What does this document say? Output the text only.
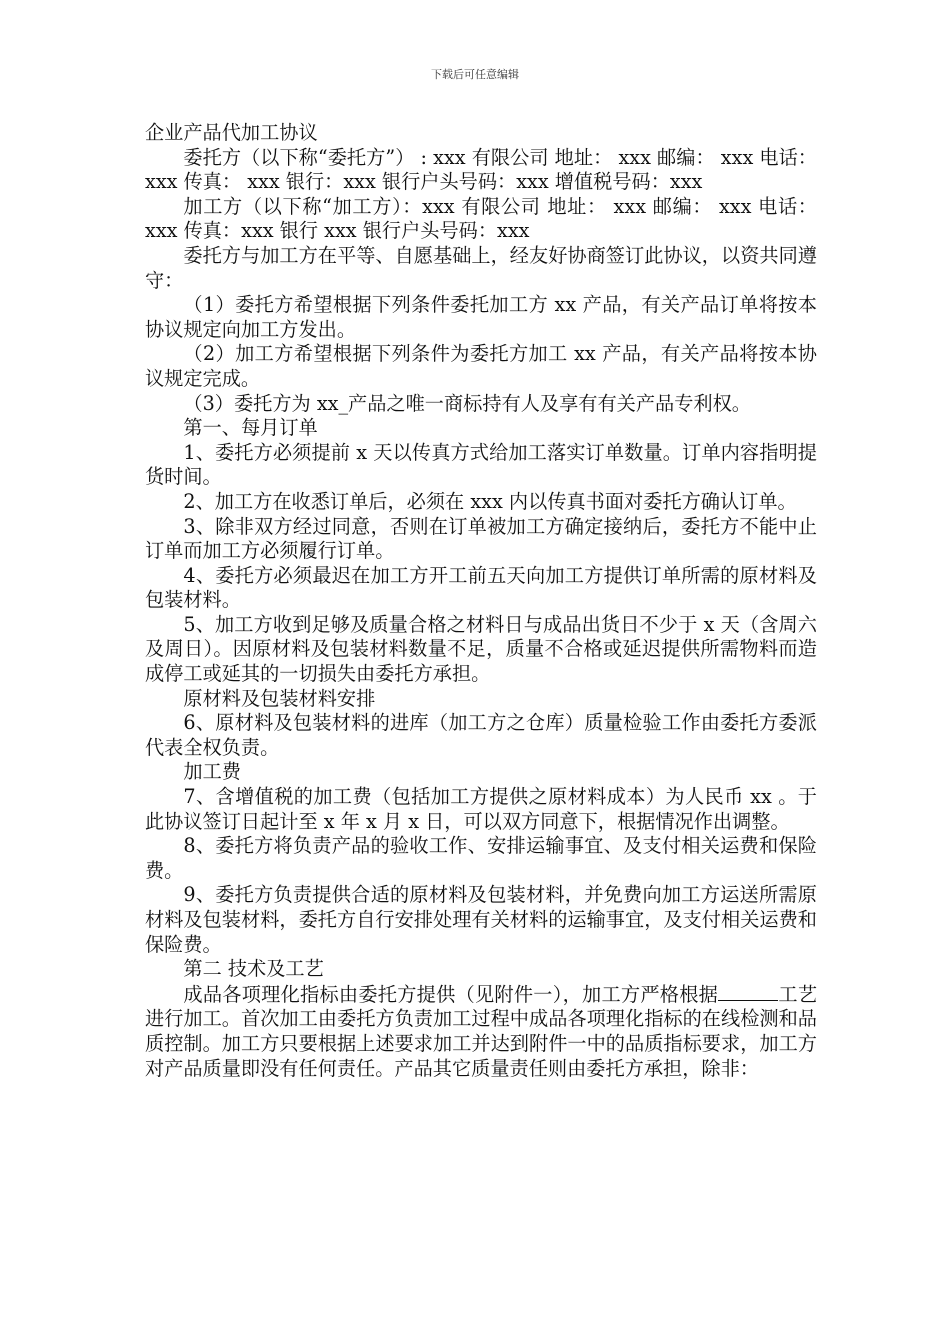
下载后可任意编辑
企业产品代加工协议

委托方（以下称“委托方”） : xxx 有限公司 地址： xxx 邮编： xxx 电话： xxx 传真： xxx 银行：xxx 银行户头号码：xxx 增值税号码：xxx

加工方（以下称“加工方）：xxx 有限公司 地址： xxx 邮编： xxx 电话： xxx 传真：xxx 银行 xxx 银行户头号码：xxx

委托方与加工方在平等、自愿基础上，经友好协商签订此协议，以资共同遵守：

（1）委托方希望根据下列条件委托加工方 xx 产品，有关产品订单将按本协议规定向加工方发出。

（2）加工方希望根据下列条件为委托方加工 xx 产品，有关产品将按本协议规定完成。

（3）委托方为 xx_产品之唯一商标持有人及享有有关产品专利权。

第一、每月订单

1、委托方必须提前 x 天以传真方式给加工落实订单数量。订单内容指明提货时间。

2、加工方在收悉订单后，必须在 xxx 内以传真书面对委托方确认订单。

3、除非双方经过同意，否则在订单被加工方确定接纳后，委托方不能中止订单而加工方必须履行订单。

4、委托方必须最迟在加工方开工前五天向加工方提供订单所需的原材料及包装材料。

5、加工方收到足够及质量合格之材料日与成品出货日不少于 x 天（含周六及周日）。因原材料及包装材料数量不足，质量不合格或延迟提供所需物料而造成停工或延其的一切损失由委托方承担。

原材料及包装材料安排

6、原材料及包装材料的进库（加工方之仓库）质量检验工作由委托方委派代表全权负责。

加工费

7、含增值税的加工费（包括加工方提供之原材料成本）为人民币 xx 。于此协议签订日起计至 x 年 x 月 x 日，可以双方同意下，根据情况作出调整。

8、委托方将负责产品的验收工作、安排运输事宜、及支付相关运费和保险费。

9、委托方负责提供合适的原材料及包装材料，并免费向加工方运送所需原材料及包装材料，委托方自行安排处理有关材料的运输事宜，及支付相关运费和保险费。

第二 技术及工艺

成品各项理化指标由委托方提供（见附件一），加工方严格根据	工艺进行加工。首次加工由委托方负责加工过程中成品各项理化指标的在线检测和品质控制。加工方只要根据上述要求加工并达到附件一中的品质指标要求，加工方对产品质量即没有任何责任。产品其它质量责任则由委托方承担，除非：
